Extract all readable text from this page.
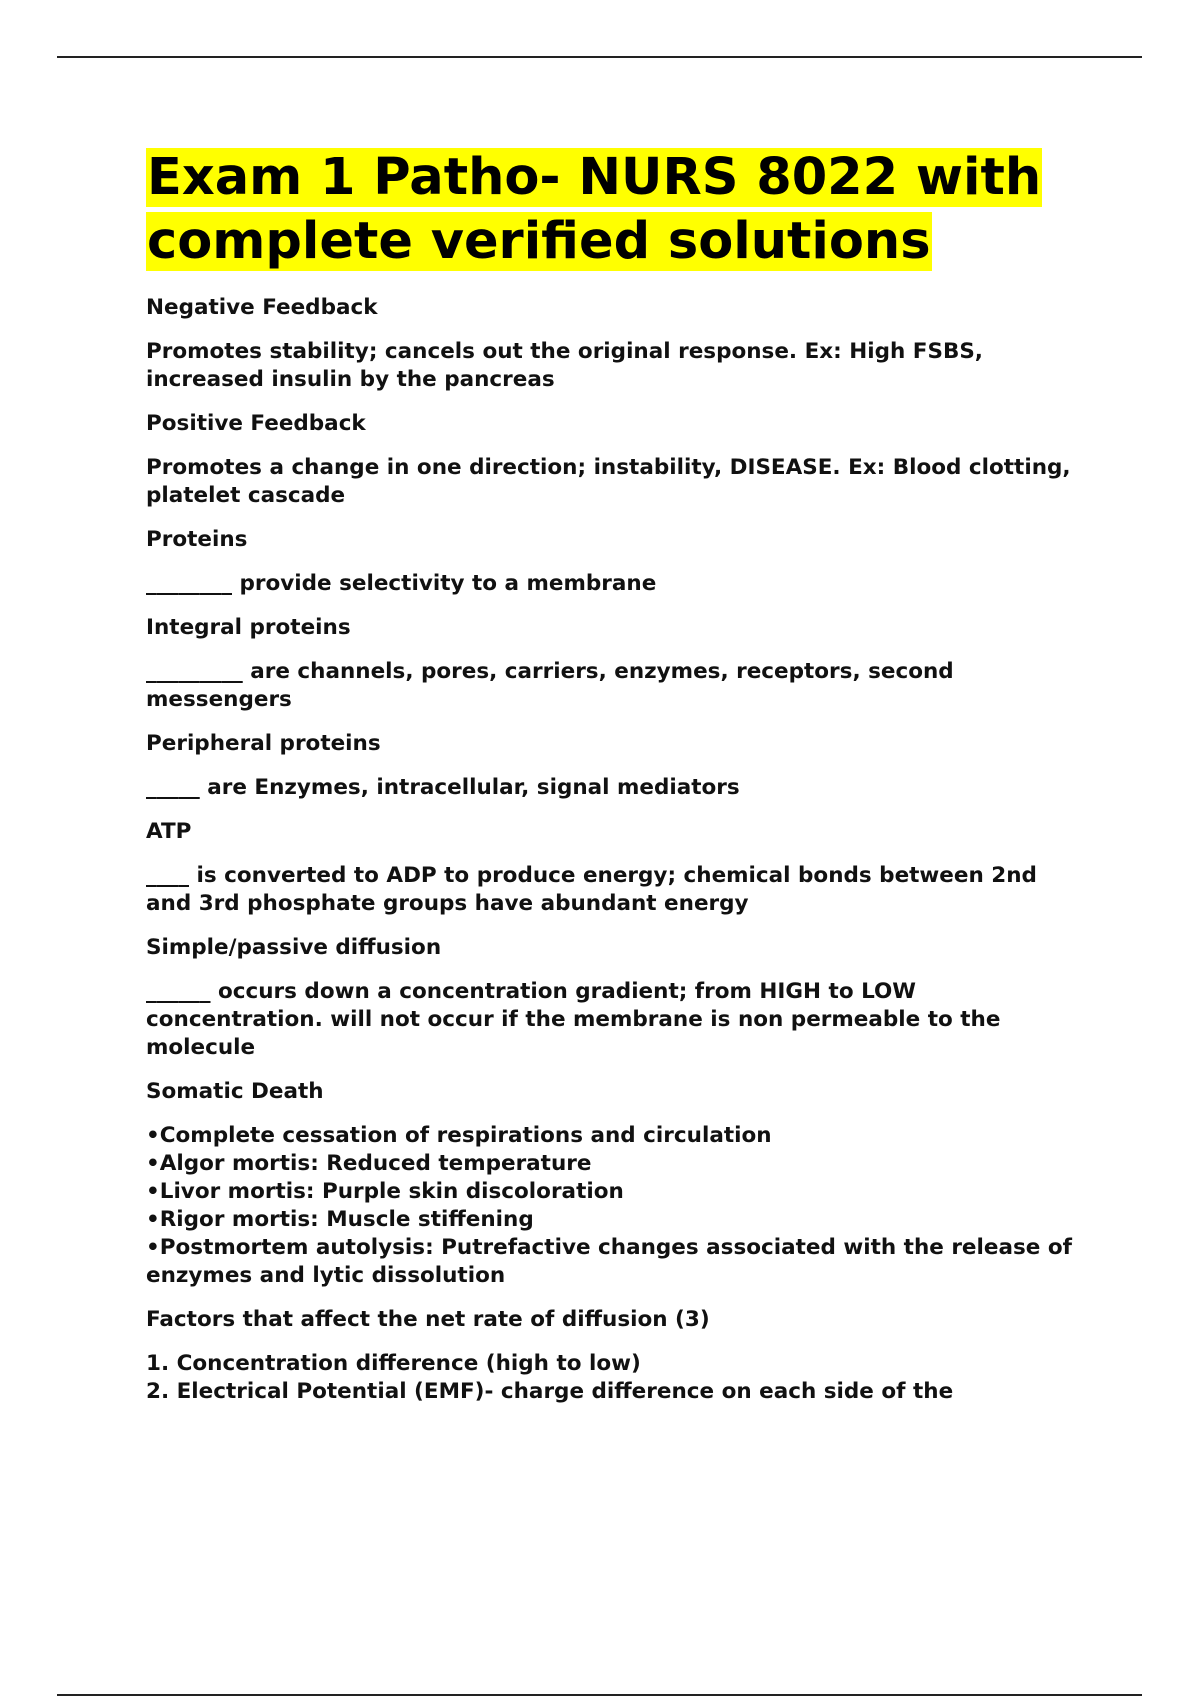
Exam 1 Patho- NURS 8022 with complete verified solutions
Negative Feedback
Promotes stability; cancels out the original response. Ex: High FSBS, increased insulin by the pancreas
Positive Feedback
Promotes a change in one direction; instability, DISEASE. Ex: Blood clotting, platelet cascade
Proteins
________ provide selectivity to a membrane
Integral proteins
_________ are channels, pores, carriers, enzymes, receptors, second messengers
Peripheral proteins
_____ are Enzymes, intracellular, signal mediators
ATP
____ is converted to ADP to produce energy; chemical bonds between 2nd and 3rd phosphate groups have abundant energy
Simple/passive diffusion
______ occurs down a concentration gradient; from HIGH to LOW
concentration. will not occur if the membrane is non permeable to the molecule
Somatic Death
•Complete cessation of respirations and circulation
•Algor mortis: Reduced temperature
•Livor mortis: Purple skin discoloration
•Rigor mortis: Muscle stiffening
•Postmortem autolysis: Putrefactive changes associated with the release of enzymes and lytic dissolution
Factors that affect the net rate of diffusion (3)
1. Concentration difference (high to low)
2. Electrical Potential (EMF)- charge difference on each side of the
